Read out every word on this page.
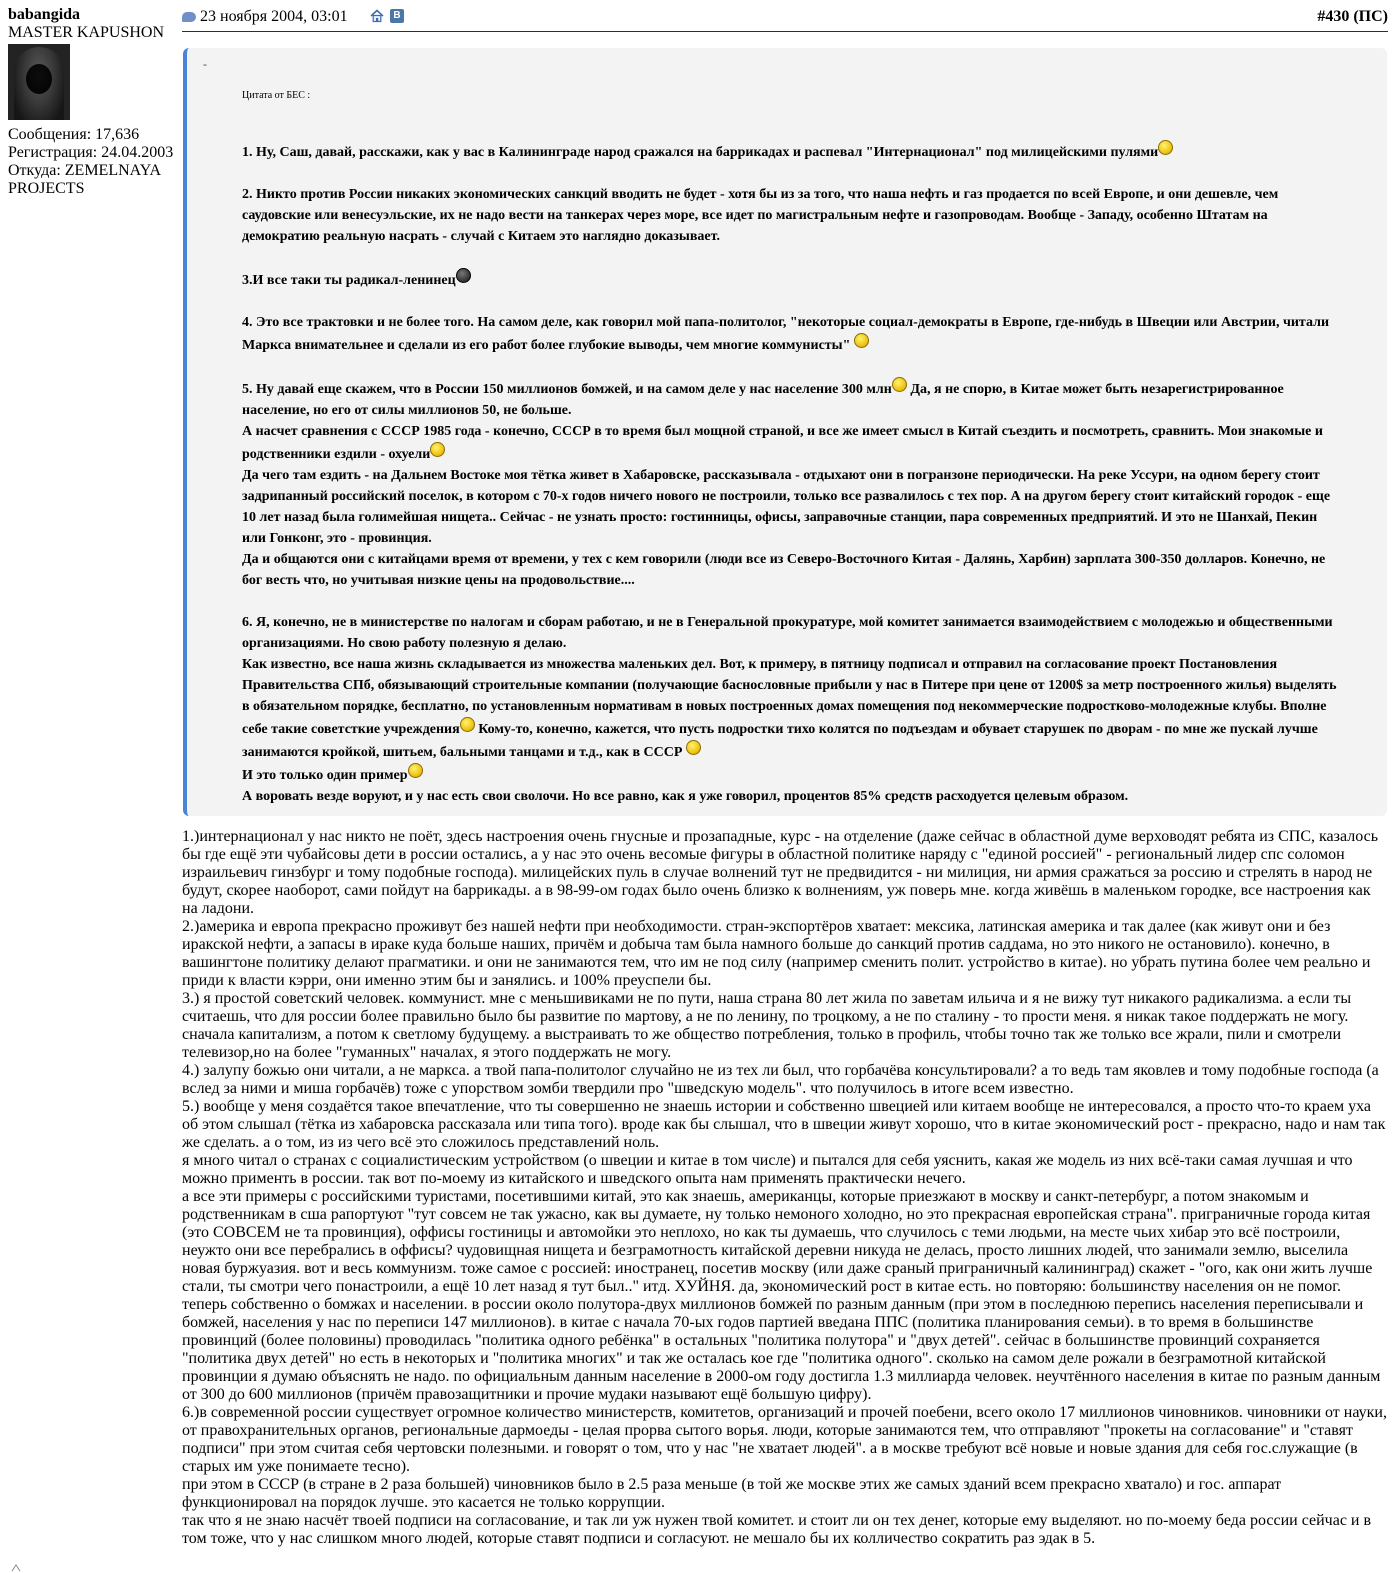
babangida
MASTER KAPUSHON
Сообщения: 17,636
Регистрация: 24.04.2003
Откуда: ZEMELNAYA
PROJECTS
23 ноября 2004, 03:01	В	#430 (ПС)
-
Цитата от БЕС :

1. Ну, Саш, давай, расскажи, как у вас в Калининграде народ сражался на баррикадах и распевал "Интернационал" под милицейскими пулями

2. Никто против России никаких экономических санкций вводить не будет - хотя бы из за того, что наша нефть и газ продается по всей Европе, и они дешевле, чем саудовские или венесуэльские, их не надо вести на танкерах через море, все идет по магистральным нефте и газопроводам. Вообще - Западу, особенно Штатам на демократию реальную насрать - случай с Китаем это наглядно доказывает.

3.И все таки ты радикал-ленинец

4. Это все трактовки и не более того. На самом деле, как говорил мой папа-политолог, "некоторые социал-демократы в Европе, где-нибудь в Швеции или Австрии, читали Маркса внимательнее и сделали из его работ более глубокие выводы, чем многие коммунисты"

5. Ну давай еще скажем, что в России 150 миллионов бомжей, и на самом деле у нас население 300 млн Да, я не спорю, в Китае может быть незарегистрированное население, но его от силы миллионов 50, не больше.

А насчет сравнения с СССР 1985 года - конечно, СССР в то время был мощной страной, и все же имеет смысл в Китай съездить и посмотреть, сравнить. Мои знакомые и родственники ездили - охуели

Да чего там ездить - на Дальнем Востоке моя тётка живет в Хабаровске, рассказывала - отдыхают они в погранзоне периодически. На реке Уссури, на одном берегу стоит задрипанный российский поселок, в котором с 70-х годов ничего нового не построили, только все развалилось с тех пор. А на другом берегу стоит китайский городок - еще 10 лет назад была голимейшая нищета.. Сейчас - не узнать просто: гостинницы, офисы, заправочные станции, пара современных предприятий. И это не Шанхай, Пекин или Гонконг, это - провинция.

Да и общаются они с китайцами время от времени, у тех с кем говорили (люди все из Северо-Восточного Китая - Далянь, Харбин) зарплата 300-350 долларов. Конечно, не бог весть что, но учитывая низкие цены на продовольствие....

6. Я, конечно, не в министерстве по налогам и сборам работаю, и не в Генеральной прокуратуре, мой комитет занимается взаимодействием с молодежью и общественными организациями. Но свою работу полезную я делаю.

Как известно, все наша жизнь складывается из множества маленьких дел. Вот, к примеру, в пятницу подписал и отправил на согласование проект Постановления Правительства СПб, обязывающий строительные компании (получающие баснословные прибыли у нас в Питере при цене от 1200$ за метр построенного жилья) выделять в обязательном порядке, бесплатно, по установленным нормативам в новых построенных домах помещения под некоммерческие подростково-молодежные клубы. Вполне себе такие советсткие учреждения Кому-то, конечно, кажется, что пусть подростки тихо колятся по подъездам и обувает старушек по дворам - по мне же пускай лучше занимаются кройкой, шитьем, бальными танцами и т.д., как в СССР

И это только один пример

А воровать везде воруют, и у нас есть свои сволочи. Но все равно, как я уже говорил, процентов 85% средств расходуется целевым образом.

1.)интернационал у нас никто не поёт, здесь настроения очень гнусные и прозападные, курс - на отделение (даже сейчас в областной думе верховодят ребята из СПС, казалось бы где ещё эти чубайсовы дети в россии остались, а у нас это очень весомые фигуры в областной политике наряду с "единой россией" - региональный лидер спс соломон израильевич гинзбург и тому подобные господа). милицейских пуль в случае волнений тут не предвидится - ни милиция, ни армия сражаться за россию и стрелять в народ не будут, скорее наоборот, сами пойдут на баррикады. а в 98-99-ом годах было очень близко к волнениям, уж поверь мне. когда живёшь в маленьком городке, все настроения как на ладони.

2.)америка и европа прекрасно проживут без нашей нефти при необходимости. стран-экспортёров хватает: мексика, латинская америка и так далее (как живут они и без иракской нефти, а запасы в ираке куда больше наших, причём и добыча там была намного больше до санкций против саддама, но это никого не остановило). конечно, в вашингтоне политику делают прагматики. и они не занимаются тем, что им не под силу (например сменить полит. устройство в китае). но убрать путина более чем реально и приди к власти кэрри, они именно этим бы и занялись. и 100% преуспели бы.

3.) я простой советский человек. коммунист. мне с меньшивиками не по пути, наша страна 80 лет жила по заветам ильича и я не вижу тут никакого радикализма. а если ты считаешь, что для россии более правильно было бы развитие по мартову, а не по ленину, по троцкому, а не по сталину - то прости меня. я никак такое поддержать не могу. сначала капитализм, а потом к светлому будущему. а выстраивать то же общество потребления, только в профиль, чтобы точно так же только все жрали, пили и смотрели телевизор,но на более "гуманных" началах, я этого поддержать не могу.

4.) залупу божью они читали, а не маркса. а твой папа-политолог случайно не из тех ли был, что горбачёва консультировали? а то ведь там яковлев и тому подобные господа (а вслед за ними и миша горбачёв) тоже с упорством зомби твердили про "шведскую модель". что получилось в итоге всем известно.

5.) вообще у меня создаётся такое впечатление, что ты совершенно не знаешь истории и собственно швецией или китаем вообще не интересовался, а просто что-то краем уха об этом слышал (тётка из хабаровска рассказала или типа того). вроде как бы слышал, что в швеции живут хорошо, что в китае экономический рост - прекрасно, надо и нам так же сделать. а о том, из из чего всё это сложилось представлений ноль.

я много читал о странах с социалистическим устройством (о швеции и китае в том числе) и пытался для себя уяснить, какая же модель из них всё-таки самая лучшая и что можно применть в россии. так вот по-моему из китайского и шведского опыта нам применять практически нечего.

а все эти примеры с российскими туристами, посетившими китай, это как знаешь, американцы, которые приезжают в москву и санкт-петербург, а потом знакомым и родственникам в сша рапортуют "тут совсем не так ужасно, как вы думаете, ну только немоного холодно, но это прекрасная европейская страна". приграничные города китая (это СОВСЕМ не та провинция), оффисы гостиницы и автомойки это неплохо, но как ты думаешь, что случилось с теми людьми, на месте чьих хибар это всё построили, неужто они все перебрались в оффисы? чудовищная нищета и безграмотность китайской деревни никуда не делась, просто лишних людей, что занимали землю, выселила новая буржуазия. вот и весь коммунизм. тоже самое с россией: иностранец, посетив москву (или даже сраный приграничный калининград) скажет - "ого, как они жить лучше стали, ты смотри чего понастроили, а ещё 10 лет назад я тут был.." итд. ХУЙНЯ. да, экономический рост в китае есть. но повторяю: большинству населения он не помог.

теперь собственно о бомжах и населении. в россии около полутора-двух миллионов бомжей по разным данным (при этом в последнюю перепись населения переписывали и бомжей, населения у нас по переписи 147 миллионов). в китае с начала 70-ых годов партией введана ППС (политика планирования семьи). в то время в большинстве провинций (более половины) проводилась "политика одного ребёнка" в остальных "политика полутора" и "двух детей". сейчас в большинстве провинций сохраняется "политика двух детей" но есть в некоторых и "политика многих" и так же осталась кое где "политика одного". сколько на самом деле рожали в безграмотной китайской провинции я думаю объяснять не надо. по официальным данным население в 2000-ом году достигла 1.3 миллиарда человек. неучтённого населения в китае по разным данным от 300 до 600 миллионов (причём правозащитники и прочие мудаки называют ещё большую цифру).

6.)в современной россии существует огромное количество министерств, комитетов, организаций и прочей поебени, всего около 17 миллионов чиновников. чиновники от науки, от правохранительных органов, региональные дармоеды - целая прорва сытого ворья. люди, которые занимаются тем, что отправляют "прокеты на согласование" и "ставят подписи" при этом считая себя чертовски полезными. и говорят о том, что у нас "не хватает людей". а в москве требуют всё новые и новые здания для себя гос.служащие (в старых им уже понимаете тесно).

при этом в СССР (в стране в 2 раза большей) чиновников было в 2.5 раза меньше (в той же москве этих же самых зданий всем прекрасно хватало) и гос. аппарат функционировал на порядок лучше. это касается не только коррупции.

так что я не знаю насчёт твоей подписи на согласование, и так ли уж нужен твой комитет. и стоит ли он тех денег, которые ему выделяют. но по-моему беда россии сейчас и в том тоже, что у нас слишком много людей, которые ставят подписи и согласуют. не мешало бы их колличество сократить раз эдак в 5.
